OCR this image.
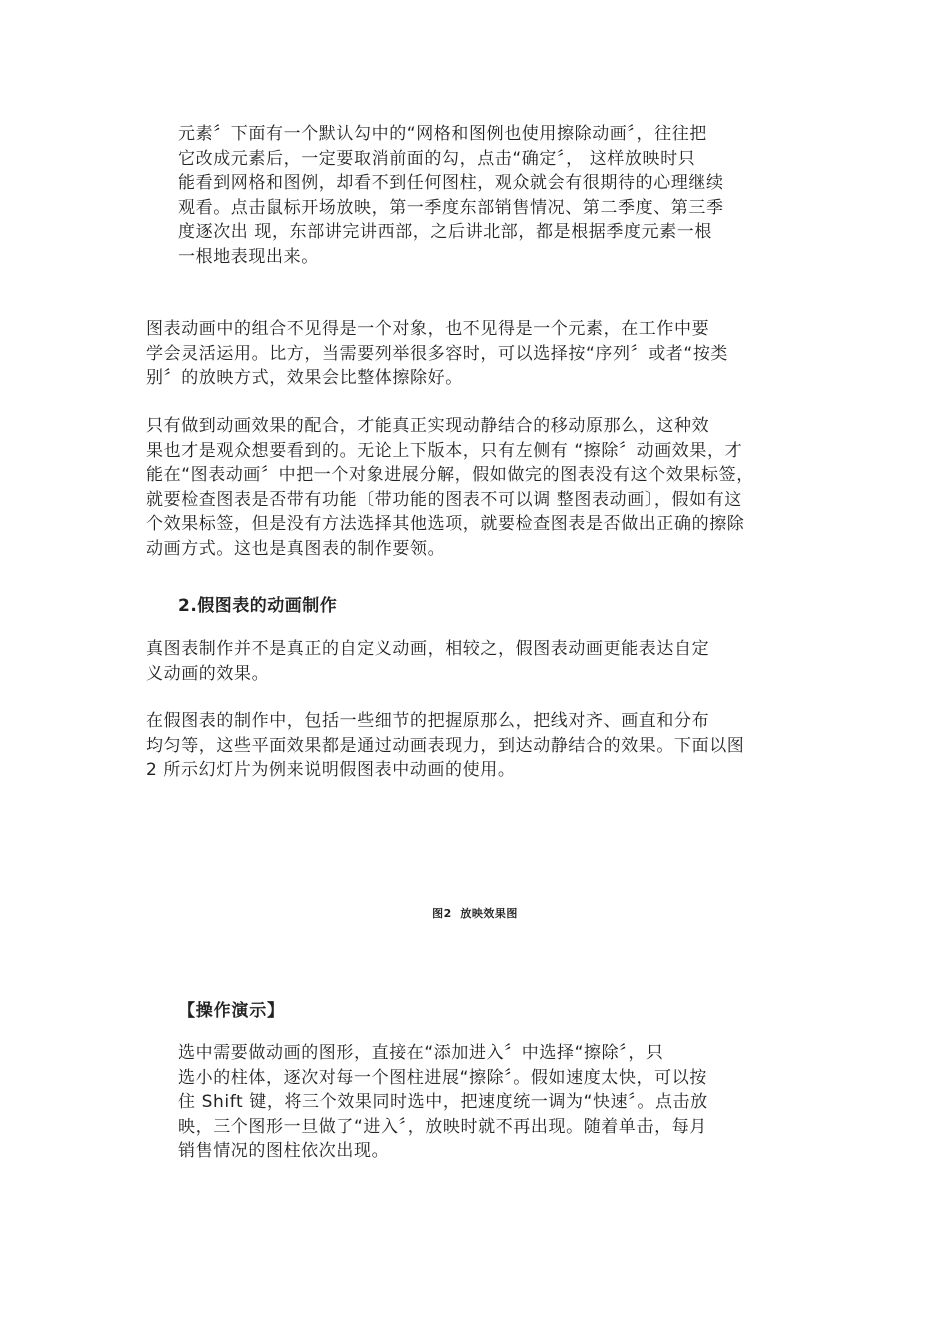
元素〞下面有一个默认勾中的“网格和图例也使用擦除动画〞，往往把
它改成元素后，一定要取消前面的勾，点击“确定〞， 这样放映时只
能看到网格和图例，却看不到任何图柱，观众就会有很期待的心理继续
观看。点击鼠标开场放映，第一季度东部销售情况、第二季度、第三季
度逐次出 现，东部讲完讲西部，之后讲北部，都是根据季度元素一根
一根地表现出来。
图表动画中的组合不见得是一个对象，也不见得是一个元素，在工作中要
学会灵活运用。比方，当需要列举很多容时，可以选择按“序列〞或者“按类
别〞的放映方式，效果会比整体擦除好。
只有做到动画效果的配合，才能真正实现动静结合的移动原那么，这种效
果也才是观众想要看到的。无论上下版本，只有左侧有 “擦除〞动画效果，才
能在“图表动画〞中把一个对象进展分解，假如做完的图表没有这个效果标签，
就要检查图表是否带有功能〔带功能的图表不可以调 整图表动画〕，假如有这
个效果标签，但是没有方法选择其他选项，就要检查图表是否做出正确的擦除
动画方式。这也是真图表的制作要领。
2.假图表的动画制作
真图表制作并不是真正的自定义动画，相较之，假图表动画更能表达自定
义动画的效果。
在假图表的制作中，包括一些细节的把握原那么，把线对齐、画直和分布
均匀等，这些平面效果都是通过动画表现力，到达动静结合的效果。下面以图
2 所示幻灯片为例来说明假图表中动画的使用。
图2  放映效果图
【操作演示】
选中需要做动画的图形，直接在“添加进入〞中选择“擦除〞，只
选小的柱体，逐次对每一个图柱进展“擦除〞。假如速度太快，可以按
住 Shift 键，将三个效果同时选中，把速度统一调为“快速〞。点击放
映，三个图形一旦做了“进入〞，放映时就不再出现。随着单击，每月
销售情况的图柱依次出现。
